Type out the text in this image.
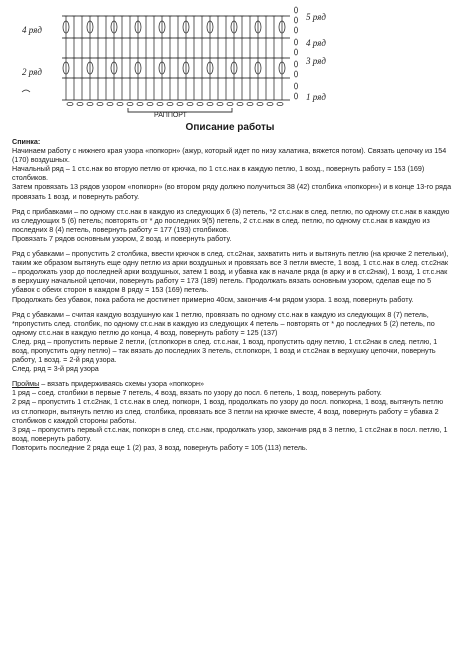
РАППОРТ
4 ряд
2 ряд
5 ряд
4 ряд
3 ряд
1 ряд
Описание работы

Спинка:
Начинаем работу с нижнего края узора «попкорн» (ажур, который идет по низу халатика, вяжется потом). Связать цепочку из 154 (170) воздушных.
Начальный ряд – 1 ст.с.нак во вторую петлю от крючка, по 1 ст.с.нак в каждую петлю, 1 возд., повернуть работу = 153 (169) столбиков.
Затем провязать 13 рядов узором «попкорн» (во втором ряду должно получиться 38 (42) столбика «попкорн») и в конце 13-го ряда провязать 1 возд. и повернуть работу.

Ряд с прибавками – по одному ст.с.нак в каждую из следующих 6 (3) петель, *2 ст.с.нак в след. петлю, по одному ст.с.нак в каждую из следующих 5 (6) петель; повторять от * до последних 9(5) петель, 2 ст.с.нак в след. петлю, по одному ст.с.нак в каждую из последних 8 (4) петель, повернуть работу = 177 (193) столбиков.
Провязать 7 рядов основным узором, 2 возд. и повернуть работу.

Ряд с убавками – пропустить 2 столбика, ввести крючок в след. ст.с2нак, захватить нить и вытянуть петлю (на крючке 2 петельки), таким же образом вытянуть еще одну петлю из арки воздушных и провязать все 3 петли вместе, 1 возд, 1 ст.с.нак в след. ст.с2нак – продолжать узор до последней арки воздушных, затем 1 возд, и убавка как в начале ряда (в арку и в ст.с2нак), 1 возд, 1 ст.с.нак в верхушку начальной цепочки, повернуть работу = 173 (189) петель. Продолжать вязать основным узором, сделав еще по 5 убавок с обеих сторон в каждом 8 ряду = 153 (169) петель.
Продолжать без убавок, пока работа не достигнет примерно 40см, закончив 4-м рядом узора. 1 возд, повернуть работу.

Ряд с убавками – считая каждую воздушную как 1 петлю, провязать по одному ст.с.нак в каждую из следующих 8 (7) петель, *пропустить след. столбик, по одному ст.с.нак в каждую из следующих 4 петель – повторять от * до последних 5 (2) петель, по одному ст.с.нак в каждую петлю до конца, 4 возд, повернуть работу = 125 (137)
След. ряд – пропустить первые 2 петли, (ст.попкорн в след. ст.с.нак, 1 возд, пропустить одну петлю, 1 ст.с2нак в след. петлю, 1 возд, пропустить одну петлю) – так вязать до последних 3 петель, ст.попкорн, 1 возд и ст.с2нак в верхушку цепочки, повернуть работу, 1 возд. = 2-й ряд узора.
След. ряд = 3-й ряд узора

Проймы – вязать придерживаясь схемы узора «попкорн»
1 ряд – соед. столбики в первые 7 петель, 4 возд, вязать по узору до посл. 6 петель, 1 возд, повернуть работу.
2 ряд – пропустить 1 ст.с2нак, 1 ст.с.нак в след. попкорн, 1 возд, продолжать по узору до посл. попкорна, 1 возд, вытянуть петлю из ст.попкорн, вытянуть петлю из след. столбика, провязать все 3 петли на крючке вместе, 4 возд, повернуть работу = убавка 2 столбиков с каждой стороны работы.
3 ряд – пропустить первый ст.с.нак, попкорн в след. ст.с.нак, продолжать узор, закончив ряд в 3 петлю, 1 ст.с2нак в посл. петлю, 1 возд, повернуть работу.
Повторить последние 2 ряда еще 1 (2) раз, 3 возд, повернуть работу = 105 (113) петель.
